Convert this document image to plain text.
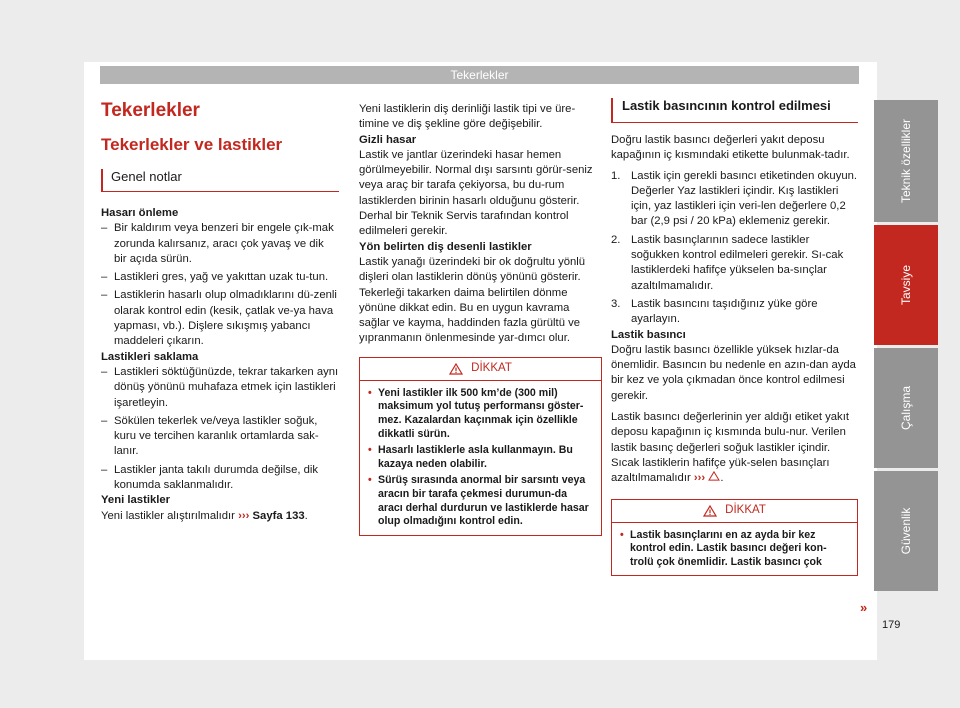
Tekerlekler
Tekerlekler
Tekerlekler ve lastikler
Genel notlar

Hasarı önleme

– Bir kaldırım veya benzeri bir engele çık-mak zorunda kalırsanız, aracı çok yavaş ve dik bir açıda sürün.
– Lastikleri gres, yağ ve yakıttan uzak tu-tun.
– Lastiklerin hasarlı olup olmadıklarını dü-zenli olarak kontrol edin (kesik, çatlak ve-ya hava yapması, vb.). Dişlere sıkışmış yabancı maddeleri çıkarın.

Lastikleri saklama

– Lastikleri söktüğünüzde, tekrar takarken aynı dönüş yönünü muhafaza etmek için lastikleri işaretleyin.
– Sökülen tekerlek ve/veya lastikler soğuk, kuru ve tercihen karanlık ortamlarda sak-lanır.
– Lastikler janta takılı durumda değilse, dik konumda saklanmalıdır.

Yeni lastikler

Yeni lastikler alıştırılmalıdır ››› Sayfa 133.

Yeni lastiklerin diş derinliği lastik tipi ve üre-timine ve diş şekline göre değişebilir.

Gizli hasar

Lastik ve jantlar üzerindeki hasar hemen görülmeyebilir. Normal dışı sarsıntı görür-seniz veya araç bir tarafa çekiyorsa, bu du-rum lastiklerden birinin hasarlı olduğunu gösterir. Derhal bir Teknik Servis tarafından kontrol edilmeleri gerekir.

Yön belirten diş desenli lastikler

Lastik yanağı üzerindeki bir ok doğrultu yönlü dişleri olan lastiklerin dönüş yönünü gösterir. Tekerleği takarken daima belirtilen dönme yönüne dikkat edin. Bu en uygun kavrama sağlar ve kayma, haddinden fazla gürültü ve yıpranmanın önlenmesinde yar-dımcı olur.

DİKKAT
• Yeni lastikler ilk 500 km’de (300 mil) maksimum yol tutuş performansı göster-mez. Kazalardan kaçınmak için özellikle dikkatli sürün.
• Hasarlı lastiklerle asla kullanmayın. Bu kazaya neden olabilir.
• Sürüş sırasında anormal bir sarsıntı veya aracın bir tarafa çekmesi durumun-da aracı derhal durdurun ve lastiklerde hasar olup olmadığını kontrol edin.
Lastik basıncının kontrol edilmesi

Doğru lastik basıncı değerleri yakıt deposu kapağının iç kısmındaki etikette bulunmak-tadır.

1. Lastik için gerekli basıncı etiketinden okuyun. Değerler Yaz lastikleri içindir. Kış lastikleri için, yaz lastikleri için veri-len değerlere 0,2 bar (2,9 psi / 20 kPa) eklemeniz gerekir.
2. Lastik basınçlarının sadece lastikler soğukken kontrol edilmeleri gerekir. Sı-cak lastiklerdeki hafifçe yükselen ba-sınçlar azaltılmamalıdır.
3. Lastik basıncını taşıdığınız yüke göre ayarlayın.

Lastik basıncı

Doğru lastik basıncı özellikle yüksek hızlar-da önemlidir. Basıncın bu nedenle en azın-dan ayda bir kez ve yola çıkmadan önce kontrol edilmesi gerekir.

Lastik basıncı değerlerinin yer aldığı etiket yakıt deposu kapağının iç kısmında bulu-nur. Verilen lastik basınç değerleri soğuk lastikler içindir. Sıcak lastiklerin hafifçe yük-selen basınçları azaltılmamalıdır ››› .

DİKKAT
• Lastik basınçlarını en az ayda bir kez kontrol edin. Lastik basıncı değeri kon-trolü çok önemlidir. Lastik basıncı çok
»
Teknik özellikler
Tavsiye
Çalışma
Güvenlik
179
